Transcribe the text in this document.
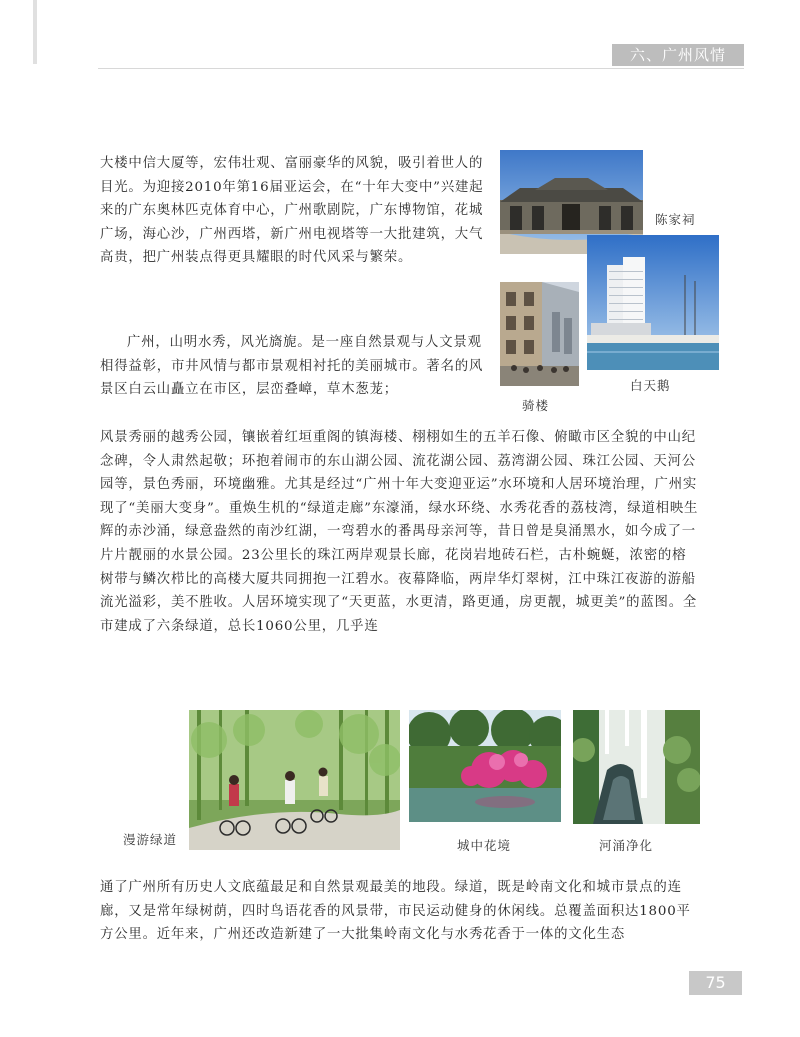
六、广州风情

大楼中信大厦等，宏伟壮观、富丽豪华的风貌，吸引着世人的目光。为迎接2010年第16届亚运会，在“十年大变中”兴建起来的广东奥林匹克体育中心，广州歌剧院，广东博物馆，花城广场，海心沙，广州西塔，新广州电视塔等一大批建筑，大气高贵，把广州装点得更具耀眼的时代风采与繁荣。

广州，山明水秀，风光旖旎。是一座自然景观与人文景观相得益彰，市井风情与都市景观相衬托的美丽城市。著名的风景区白云山矗立在市区，层峦叠嶂，草木葱茏；

风景秀丽的越秀公园，镶嵌着红垣重阁的镇海楼、栩栩如生的五羊石像、俯瞰市区全貌的中山纪念碑，令人肃然起敬；环抱着闹市的东山湖公园、流花湖公园、荔湾湖公园、珠江公园、天河公园等，景色秀丽，环境幽雅。尤其是经过“广州十年大变迎亚运”水环境和人居环境治理，广州实现了“美丽大变身”。重焕生机的“绿道走廊”东濠涌，绿水环绕、水秀花香的荔枝湾，绿道相映生辉的赤沙涌，绿意盎然的南沙红湖，一弯碧水的番禺母亲河等，昔日曾是臭涌黑水，如今成了一片片靓丽的水景公园。23公里长的珠江两岸观景长廊，花岗岩地砖石栏，古朴蜿蜒，浓密的榕树带与鳞次栉比的高楼大厦共同拥抱一江碧水。夜幕降临，两岸华灯翠树，江中珠江夜游的游船流光溢彩，美不胜收。人居环境实现了“天更蓝，水更清，路更通，房更靓，城更美”的蓝图。全市建成了六条绿道，总长1060公里，几乎连

通了广州所有历史人文底蕴最足和自然景观最美的地段。绿道，既是岭南文化和城市景点的连廊，又是常年绿树荫，四时鸟语花香的风景带，市民运动健身的休闲线。总覆盖面积达1800平方公里。近年来，广州还改造新建了一大批集岭南文化与水秀花香于一体的文化生态

陈家祠
白天鹅
骑楼
漫游绿道	城中花境	河涌净化
75
